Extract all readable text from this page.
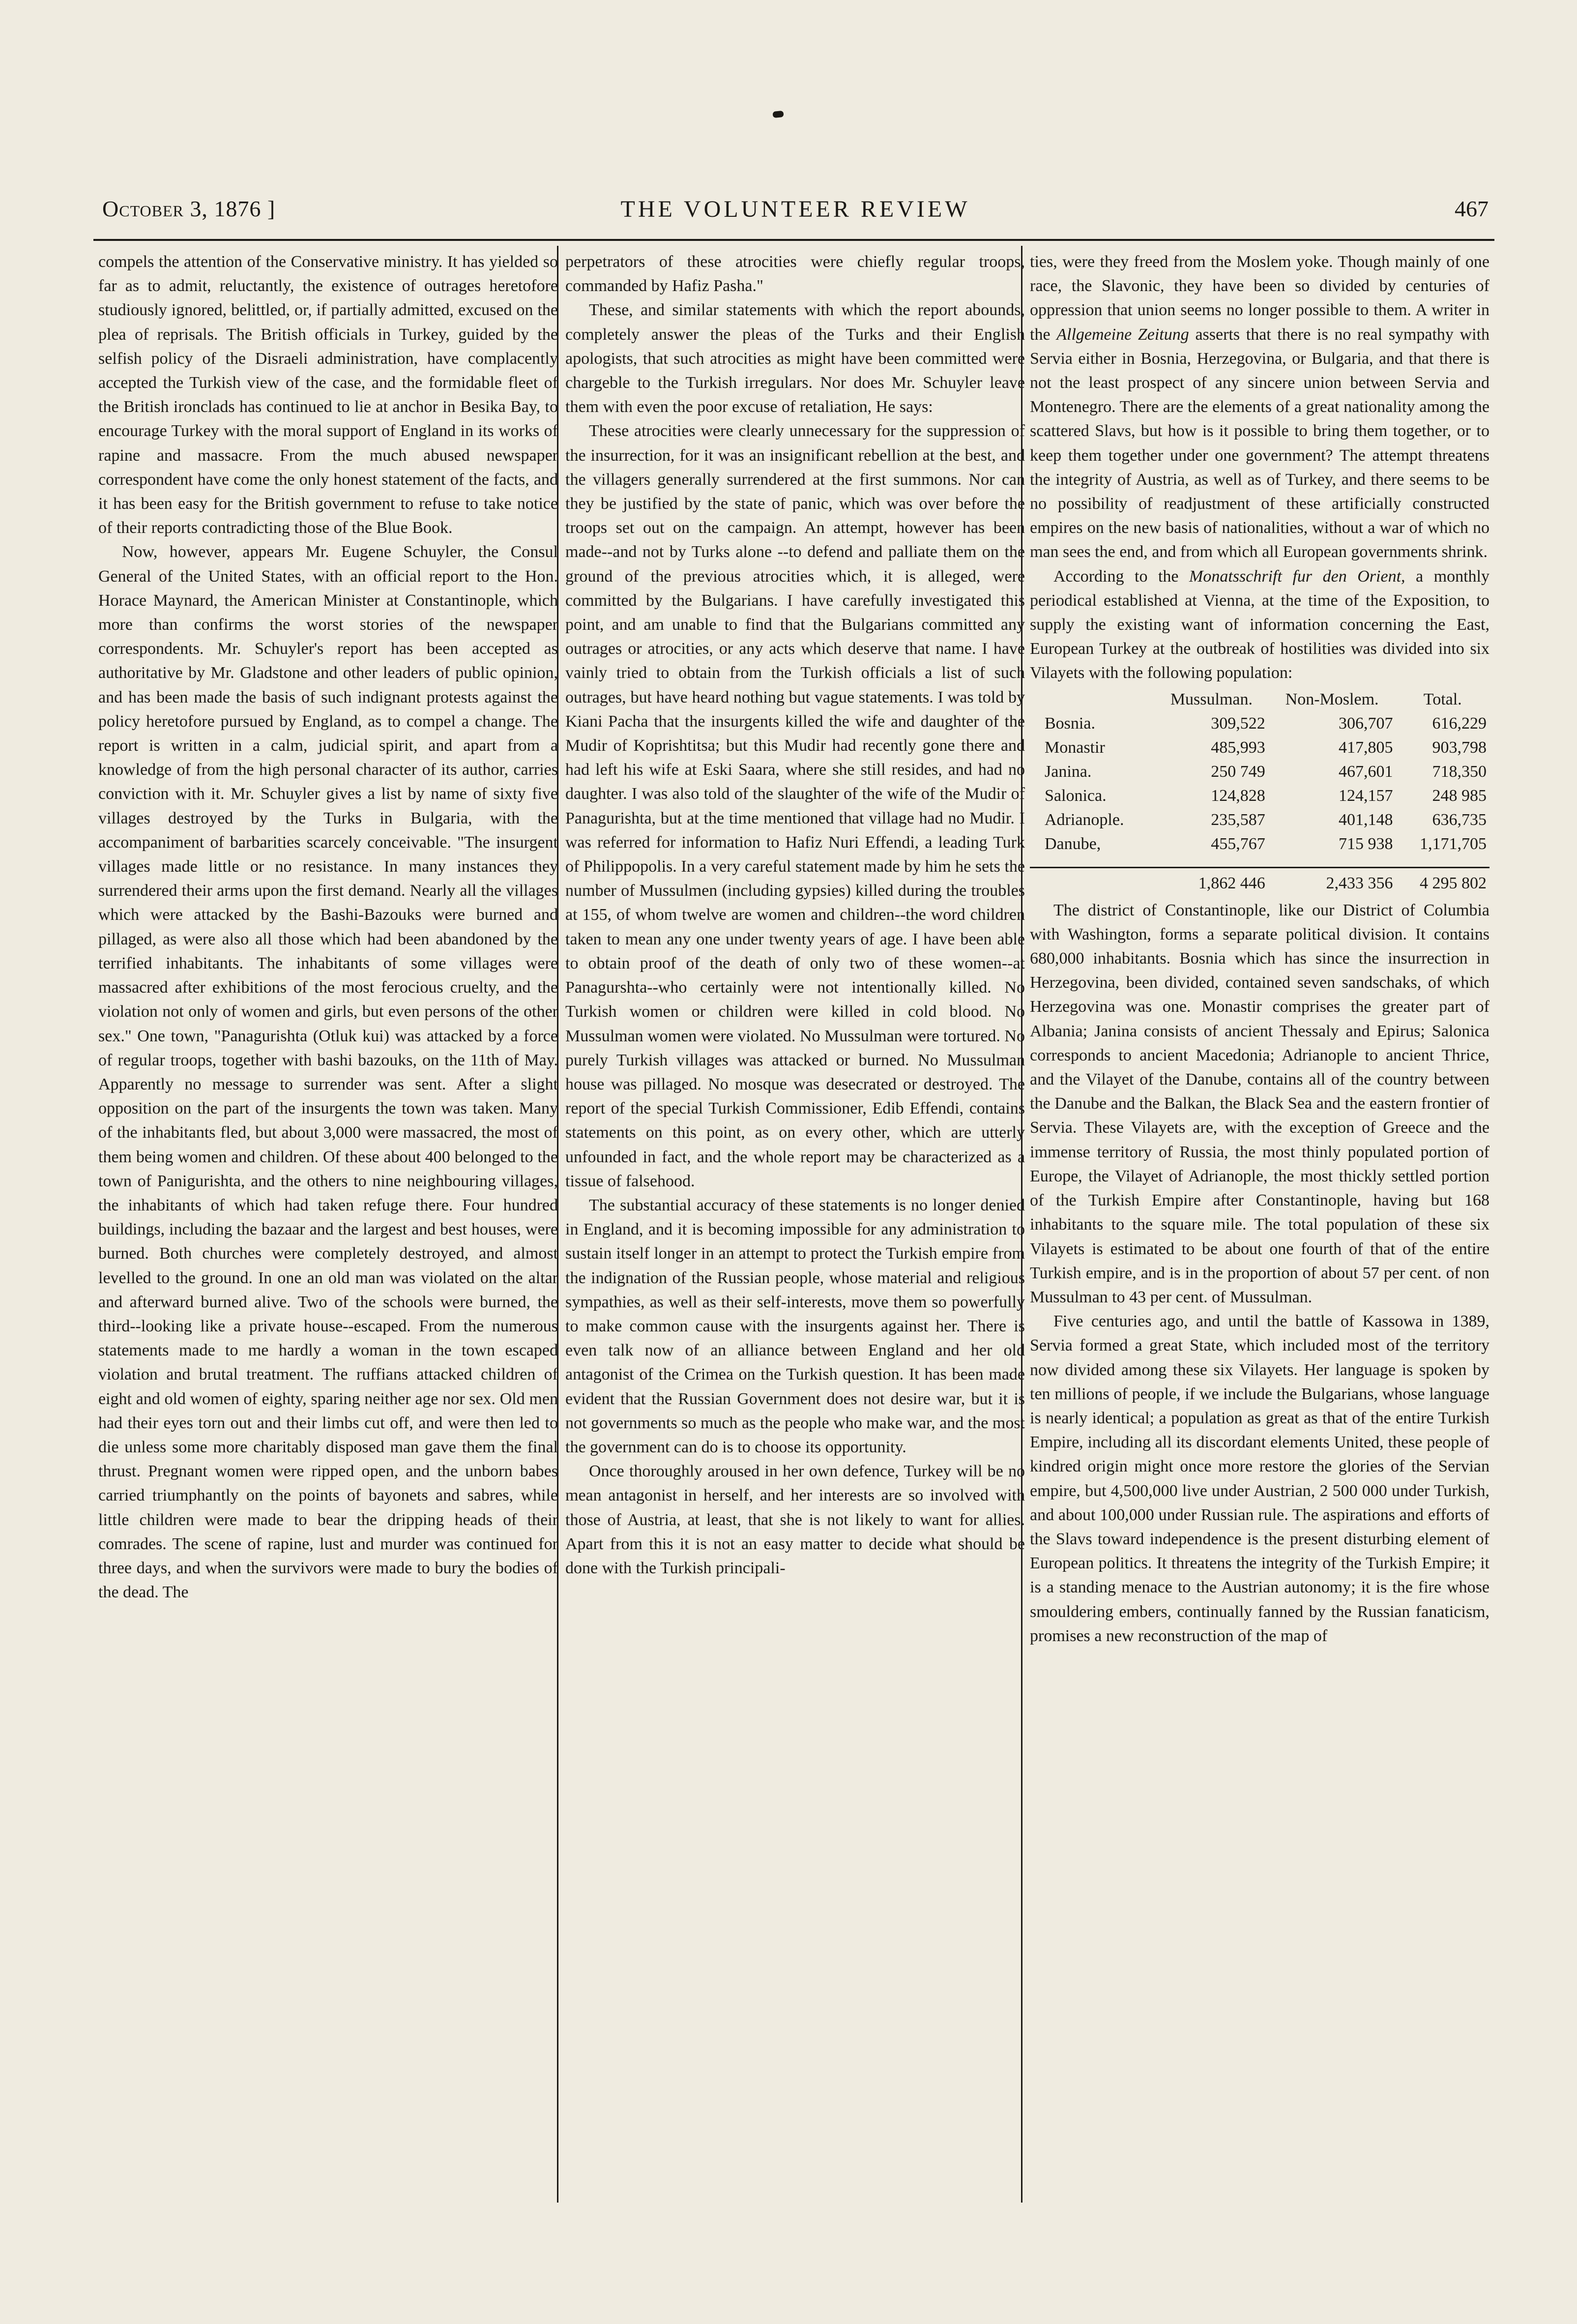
October 3, 1876 ]	THE VOLUNTEER REVIEW	467

compels the attention of the Conservative ministry. It has yielded so far as to admit, reluctantly, the existence of outrages heretofore studiously ignored, belittled, or, if partially admitted, excused on the plea of reprisals. The British officials in Turkey, guided by the selfish policy of the Disraeli administration, have complacently accepted the Turkish view of the case, and the formidable fleet of the British ironclads has continued to lie at anchor in Besika Bay, to encourage Turkey with the moral support of England in its works of rapine and massacre. From the much abused newspaper correspondent have come the only honest statement of the facts, and it has been easy for the British government to refuse to take notice of their reports contradicting those of the Blue Book.

Now, however, appears Mr. Eugene Schuyler, the Consul General of the United States, with an official report to the Hon. Horace Maynard, the American Minister at Constantinople, which more than confirms the worst stories of the newspaper correspondents. Mr. Schuyler's report has been accepted as authoritative by Mr. Gladstone and other leaders of public opinion, and has been made the basis of such indignant protests against the policy heretofore pursued by England, as to compel a change. The report is written in a calm, judicial spirit, and apart from a knowledge of from the high personal character of its author, carries conviction with it. Mr. Schuyler gives a list by name of sixty five villages destroyed by the Turks in Bulgaria, with the accompaniment of barbarities scarcely conceivable. "The insurgent villages made little or no resistance. In many instances they surrendered their arms upon the first demand. Nearly all the villages which were attacked by the Bashi-Bazouks were burned and pillaged, as were also all those which had been abandoned by the terrified inhabitants. The inhabitants of some villages were massacred after exhibitions of the most ferocious cruelty, and the violation not only of women and girls, but even persons of the other sex." One town, "Panagurishta (Otluk kui) was attacked by a force of regular troops, together with bashi bazouks, on the 11th of May. Apparently no message to surrender was sent. After a slight opposition on the part of the insurgents the town was taken. Many of the inhabitants fled, but about 3,000 were massacred, the most of them being women and children. Of these about 400 belonged to the town of Panigurishta, and the others to nine neighbouring villages, the inhabitants of which had taken refuge there. Four hundred buildings, including the bazaar and the largest and best houses, were burned. Both churches were completely destroyed, and almost levelled to the ground. In one an old man was violated on the altar and afterward burned alive. Two of the schools were burned, the third--looking like a private house--escaped. From the numerous statements made to me hardly a woman in the town escaped violation and brutal treatment. The ruffians attacked children of eight and old women of eighty, sparing neither age nor sex. Old men had their eyes torn out and their limbs cut off, and were then led to die unless some more charitably disposed man gave them the final thrust. Pregnant women were ripped open, and the unborn babes carried triumphantly on the points of bayonets and sabres, while little children were made to bear the dripping heads of their comrades. The scene of rapine, lust and murder was continued for three days, and when the survivors were made to bury the bodies of the dead. The

perpetrators of these atrocities were chiefly regular troops, commanded by Hafiz Pasha."

These, and similar statements with which the report abounds, completely answer the pleas of the Turks and their English apologists, that such atrocities as might have been committed were chargeble to the Turkish irregulars. Nor does Mr. Schuyler leave them with even the poor excuse of retaliation, He says:

These atrocities were clearly unnecessary for the suppression of the insurrection, for it was an insignificant rebellion at the best, and the villagers generally surrendered at the first summons. Nor can they be justified by the state of panic, which was over before the troops set out on the campaign. An attempt, however has been made--and not by Turks alone --to defend and palliate them on the ground of the previous atrocities which, it is alleged, were committed by the Bulgarians. I have carefully investigated this point, and am unable to find that the Bulgarians committed any outrages or atrocities, or any acts which deserve that name. I have vainly tried to obtain from the Turkish officials a list of such outrages, but have heard nothing but vague statements. I was told by Kiani Pacha that the insurgents killed the wife and daughter of the Mudir of Koprishtitsa; but this Mudir had recently gone there and had left his wife at Eski Saara, where she still resides, and had no daughter. I was also told of the slaughter of the wife of the Mudir of Panagurishta, but at the time mentioned that village had no Mudir. I was referred for information to Hafiz Nuri Effendi, a leading Turk of Philippopolis. In a very careful statement made by him he sets the number of Mussulmen (including gypsies) killed during the troubles at 155, of whom twelve are women and children--the word children taken to mean any one under twenty years of age. I have been able to obtain proof of the death of only two of these women--at Panagurshta--who certainly were not intentionally killed. No Turkish women or children were killed in cold blood. No Mussulman women were violated. No Mussulman were tortured. No purely Turkish villages was attacked or burned. No Mussulman house was pillaged. No mosque was desecrated or destroyed. The report of the special Turkish Commissioner, Edib Effendi, contains statements on this point, as on every other, which are utterly unfounded in fact, and the whole report may be characterized as a tissue of falsehood.

The substantial accuracy of these statements is no longer denied in England, and it is becoming impossible for any administration to sustain itself longer in an attempt to protect the Turkish empire from the indignation of the Russian people, whose material and religious sympathies, as well as their self-interests, move them so powerfully to make common cause with the insurgents against her. There is even talk now of an alliance between England and her old antagonist of the Crimea on the Turkish question. It has been made evident that the Russian Government does not desire war, but it is not governments so much as the people who make war, and the most the government can do is to choose its opportunity.

Once thoroughly aroused in her own defence, Turkey will be no mean antagonist in herself, and her interests are so involved with those of Austria, at least, that she is not likely to want for allies. Apart from this it is not an easy matter to decide what should be done with the Turkish principali-

ties, were they freed from the Moslem yoke. Though mainly of one race, the Slavonic, they have been so divided by centuries of oppression that union seems no longer possible to them. A writer in the Allgemeine Zeitung asserts that there is no real sympathy with Servia either in Bosnia, Herzegovina, or Bulgaria, and that there is not the least prospect of any sincere union between Servia and Montenegro. There are the elements of a great nationality among the scattered Slavs, but how is it possible to bring them together, or to keep them together under one government? The attempt threatens the integrity of Austria, as well as of Turkey, and there seems to be no possibility of readjustment of these artificially constructed empires on the new basis of nationalities, without a war of which no man sees the end, and from which all European governments shrink.

According to the Monatsschrift fur den Orient, a monthly periodical established at Vienna, at the time of the Exposition, to supply the existing want of information concerning the East, European Turkey at the outbreak of hostilities was divided into six Vilayets with the following population:

	Mussulman.	Non-Moslem.	Total.
Bosnia.	309,522	306,707	616,229
Monastir	485,993	417,805	903,798
Janina.	250 749	467,601	718,350
Salonica.	124,828	124,157	248 985
Adrianople.	235,587	401,148	636,735
Danube,	455,767	715 938	1,171,705

	1,862 446	2,433 356	4 295 802

The district of Constantinople, like our District of Columbia with Washington, forms a separate political division. It contains 680,000 inhabitants. Bosnia which has since the insurrection in Herzegovina, been divided, contained seven sandschaks, of which Herzegovina was one. Monastir comprises the greater part of Albania; Janina consists of ancient Thessaly and Epirus; Salonica corresponds to ancient Macedonia; Adrianople to ancient Thrice, and the Vilayet of the Danube, contains all of the country between the Danube and the Balkan, the Black Sea and the eastern frontier of Servia. These Vilayets are, with the exception of Greece and the immense territory of Russia, the most thinly populated portion of Europe, the Vilayet of Adrianople, the most thickly settled portion of the Turkish Empire after Constantinople, having but 168 inhabitants to the square mile. The total population of these six Vilayets is estimated to be about one fourth of that of the entire Turkish empire, and is in the proportion of about 57 per cent. of non Mussulman to 43 per cent. of Mussulman.

Five centuries ago, and until the battle of Kassowa in 1389, Servia formed a great State, which included most of the territory now divided among these six Vilayets. Her language is spoken by ten millions of people, if we include the Bulgarians, whose language is nearly identical; a population as great as that of the entire Turkish Empire, including all its discordant elements United, these people of kindred origin might once more restore the glories of the Servian empire, but 4,500,000 live under Austrian, 2 500 000 under Turkish, and about 100,000 under Russian rule. The aspirations and efforts of the Slavs toward independence is the present disturbing element of European politics. It threatens the integrity of the Turkish Empire; it is a standing menace to the Austrian autonomy; it is the fire whose smouldering embers, continually fanned by the Russian fanaticism, promises a new reconstruction of the map of
